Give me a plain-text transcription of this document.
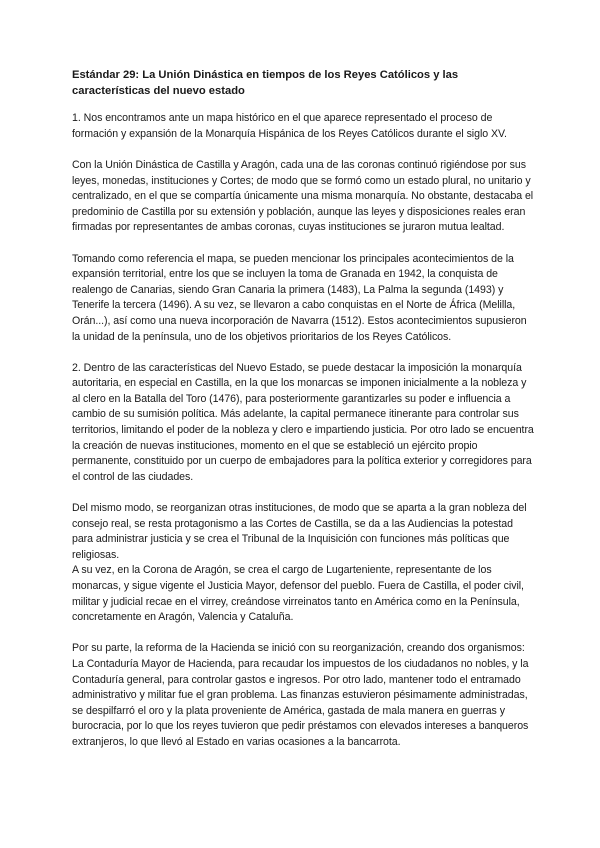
Estándar 29: La Unión Dinástica en tiempos de los Reyes Católicos y las características del nuevo estado

1. Nos encontramos ante un mapa histórico en el que aparece representado el proceso de formación y expansión de la Monarquía Hispánica de los Reyes Católicos durante el siglo XV.

Con la Unión Dinástica de Castilla y Aragón, cada una de las coronas continuó rigiéndose por sus leyes, monedas, instituciones y Cortes; de modo que se formó como un estado plural, no unitario y centralizado, en el que se compartía únicamente una misma monarquía. No obstante, destacaba el predominio de Castilla por su extensión y población, aunque las leyes y disposiciones reales eran firmadas por representantes de ambas coronas, cuyas instituciones se juraron mutua lealtad.

Tomando como referencia el mapa, se pueden mencionar los principales acontecimientos de la expansión territorial, entre los que se incluyen la toma de Granada en 1942, la conquista de realengo de Canarias, siendo Gran Canaria la primera (1483), La Palma la segunda (1493) y Tenerife la tercera (1496). A su vez, se llevaron a cabo conquistas en el Norte de África (Melilla, Orán...), así como una nueva incorporación de Navarra (1512). Estos acontecimientos supusieron la unidad de la península, uno de los objetivos prioritarios de los Reyes Católicos.

2. Dentro de las características del Nuevo Estado, se puede destacar la imposición la monarquía autoritaria, en especial en Castilla, en la que los monarcas se imponen inicialmente a la nobleza y al clero en la Batalla del Toro (1476), para posteriormente garantizarles su poder e influencia a cambio de su sumisión política. Más adelante, la capital permanece itinerante para controlar sus territorios, limitando el poder de la nobleza y clero e impartiendo justicia. Por otro lado se encuentra la creación de nuevas instituciones, momento en el que se estableció un ejército propio permanente, constituido por un cuerpo de embajadores para la política exterior y corregidores para el control de las ciudades.

Del mismo modo, se reorganizan otras instituciones, de modo que se aparta a la gran nobleza del consejo real, se resta protagonismo a las Cortes de Castilla, se da a las Audiencias la potestad para administrar justicia y se crea el Tribunal de la Inquisición con funciones más políticas que religiosas.

A su vez, en la Corona de Aragón, se crea el cargo de Lugarteniente, representante de los monarcas, y sigue vigente el Justicia Mayor, defensor del pueblo. Fuera de Castilla, el poder civil, militar y judicial recae en el virrey, creándose virreinatos tanto en América como en la Península, concretamente en Aragón, Valencia y Cataluña.

Por su parte, la reforma de la Hacienda se inició con su reorganización, creando dos organismos: La Contaduría Mayor de Hacienda, para recaudar los impuestos de los ciudadanos no nobles, y la Contaduría general, para controlar gastos e ingresos. Por otro lado, mantener todo el entramado administrativo y militar fue el gran problema. Las finanzas estuvieron pésimamente administradas, se despilfarró el oro y la plata proveniente de América, gastada de mala manera en guerras y burocracia, por lo que los reyes tuvieron que pedir préstamos con elevados intereses a banqueros extranjeros, lo que llevó al Estado en varias ocasiones a la bancarrota.
